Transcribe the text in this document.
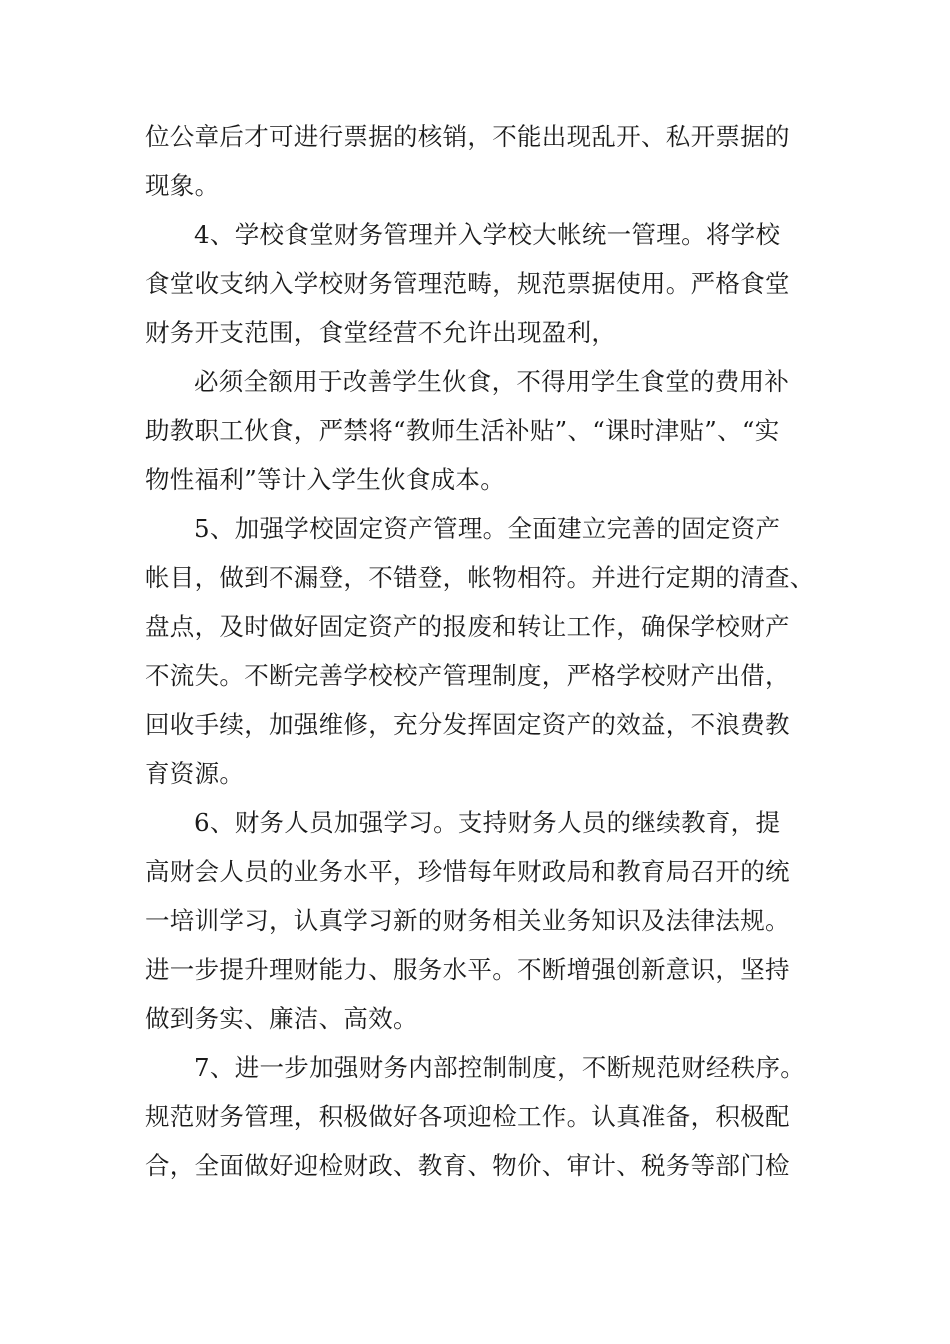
位公章后才可进行票据的核销，不能出现乱开、私开票据的
现象。
4、学校食堂财务管理并入学校大帐统一管理。将学校
食堂收支纳入学校财务管理范畴，规范票据使用。严格食堂
财务开支范围，食堂经营不允许出现盈利，
必须全额用于改善学生伙食，不得用学生食堂的费用补
助教职工伙食，严禁将“教师生活补贴”、“课时津贴”、“实
物性福利”等计入学生伙食成本。
5、加强学校固定资产管理。全面建立完善的固定资产
帐目，做到不漏登，不错登，帐物相符。并进行定期的清查、
盘点，及时做好固定资产的报废和转让工作，确保学校财产
不流失。不断完善学校校产管理制度，严格学校财产出借，
回收手续，加强维修，充分发挥固定资产的效益，不浪费教
育资源。
6、财务人员加强学习。支持财务人员的继续教育，提
高财会人员的业务水平，珍惜每年财政局和教育局召开的统
一培训学习，认真学习新的财务相关业务知识及法律法规。
进一步提升理财能力、服务水平。不断增强创新意识，坚持
做到务实、廉洁、高效。
7、进一步加强财务内部控制制度，不断规范财经秩序。
规范财务管理，积极做好各项迎检工作。认真准备，积极配
合，全面做好迎检财政、教育、物价、审计、税务等部门检
